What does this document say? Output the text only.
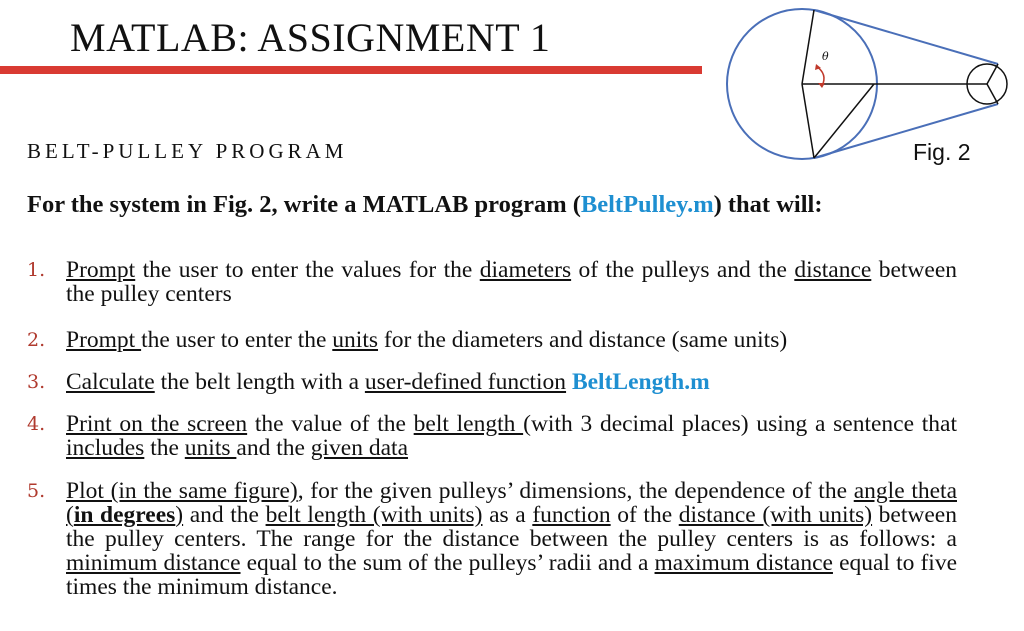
MATLAB: ASSIGNMENT 1
BELT-PULLEY PROGRAM
θ
Fig. 2
For the system in Fig. 2, write a MATLAB program (BeltPulley.m) that will:
1. Prompt the user to enter the values for the diameters of the pulleys and the distance between the pulley centers
2. Prompt the user to enter the units for the diameters and distance (same units)
3. Calculate the belt length with a user-defined function BeltLength.m
4. Print on the screen the value of the belt length (with 3 decimal places) using a sentence that includes the units and the given data
5. Plot (in the same figure), for the given pulleys’ dimensions, the dependence of the angle theta (in degrees) and the belt length (with units) as a function of the distance (with units) between the pulley centers. The range for the distance between the pulley centers is as follows: a minimum distance equal to the sum of the pulleys’ radii and a maximum distance equal to five times the minimum distance.
